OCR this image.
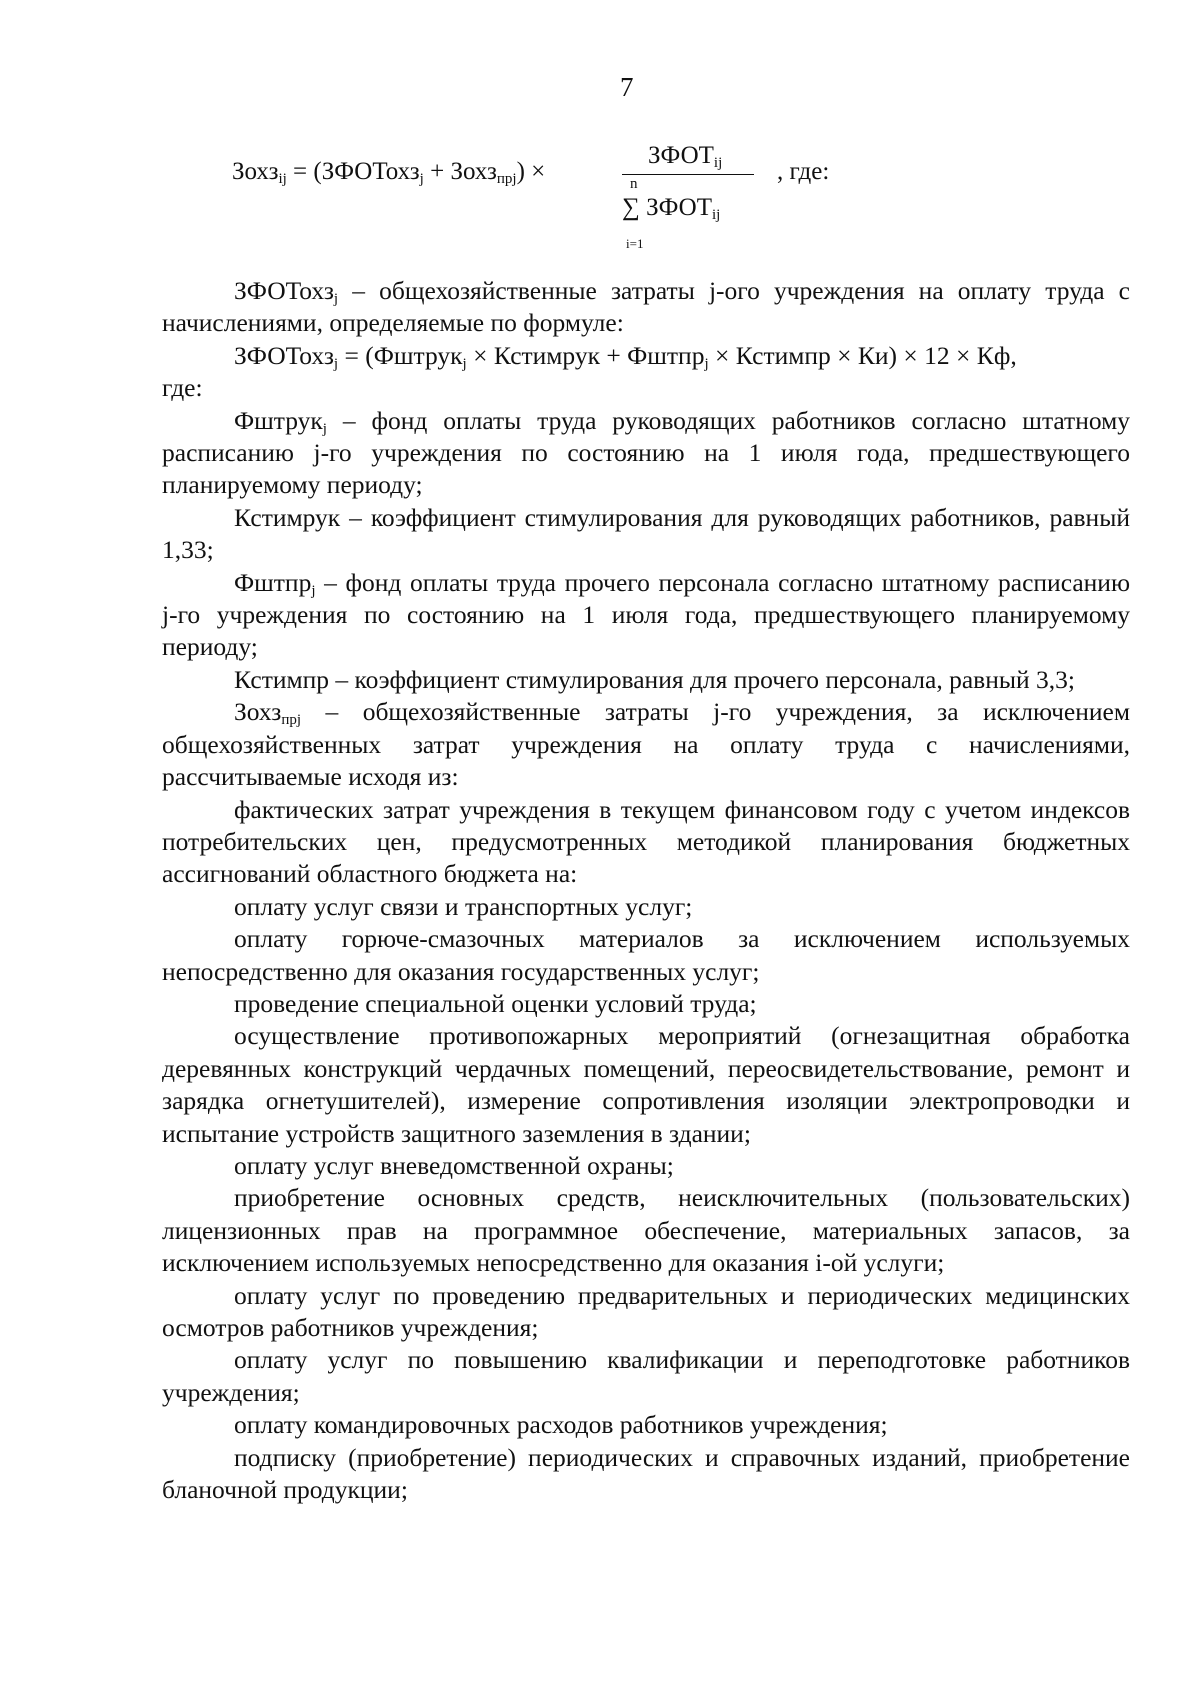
7
Зохз$_{ij}$ = (ЗФОТохз$_j$ + Зохз$_{прj}$) ×
$ЗФОТ_{ij}$
n
∑ $ЗФОТ_{ij}$
i=1
, где:

ЗФОТохз$_j$ – общехозяйственные затраты j-ого учреждения на оплату труда с начислениями, определяемые по формуле:

ЗФОТохз$_j$ = (Фштрук$_j$ × Кстимрук + Фштпр$_j$ × Кстимпр × Ки) × 12 × Кф,

где:

Фштрук$_j$ – фонд оплаты труда руководящих работников согласно штатному расписанию j-го учреждения по состоянию на 1 июля года, предшествующего планируемому периоду;

Кстимрук – коэффициент стимулирования для руководящих работников, равный 1,33;

Фштпр$_j$ – фонд оплаты труда прочего персонала согласно штатному расписанию j-го учреждения по состоянию на 1 июля года, предшествующего планируемому периоду;

Кстимпр – коэффициент стимулирования для прочего персонала, равный 3,3;

Зохз$_{прj}$ – общехозяйственные затраты j-го учреждения, за исключением общехозяйственных затрат учреждения на оплату труда с начислениями, рассчитываемые исходя из:

фактических затрат учреждения в текущем финансовом году с учетом индексов потребительских цен, предусмотренных методикой планирования бюджетных ассигнований областного бюджета на:

оплату услуг связи и транспортных услуг;

оплату горюче-смазочных материалов за исключением используемых непосредственно для оказания государственных услуг;

проведение специальной оценки условий труда;

осуществление противопожарных мероприятий (огнезащитная обработка деревянных конструкций чердачных помещений, переосвидетельствование, ремонт и зарядка огнетушителей), измерение сопротивления изоляции электропроводки и испытание устройств защитного заземления в здании;

оплату услуг вневедомственной охраны;

приобретение основных средств, неисключительных (пользовательских) лицензионных прав на программное обеспечение, материальных запасов, за исключением используемых непосредственно для оказания i-ой услуги;

оплату услуг по проведению предварительных и периодических медицинских осмотров работников учреждения;

оплату услуг по повышению квалификации и переподготовке работников учреждения;

оплату командировочных расходов работников учреждения;

подписку (приобретение) периодических и справочных изданий, приобретение бланочной продукции;
